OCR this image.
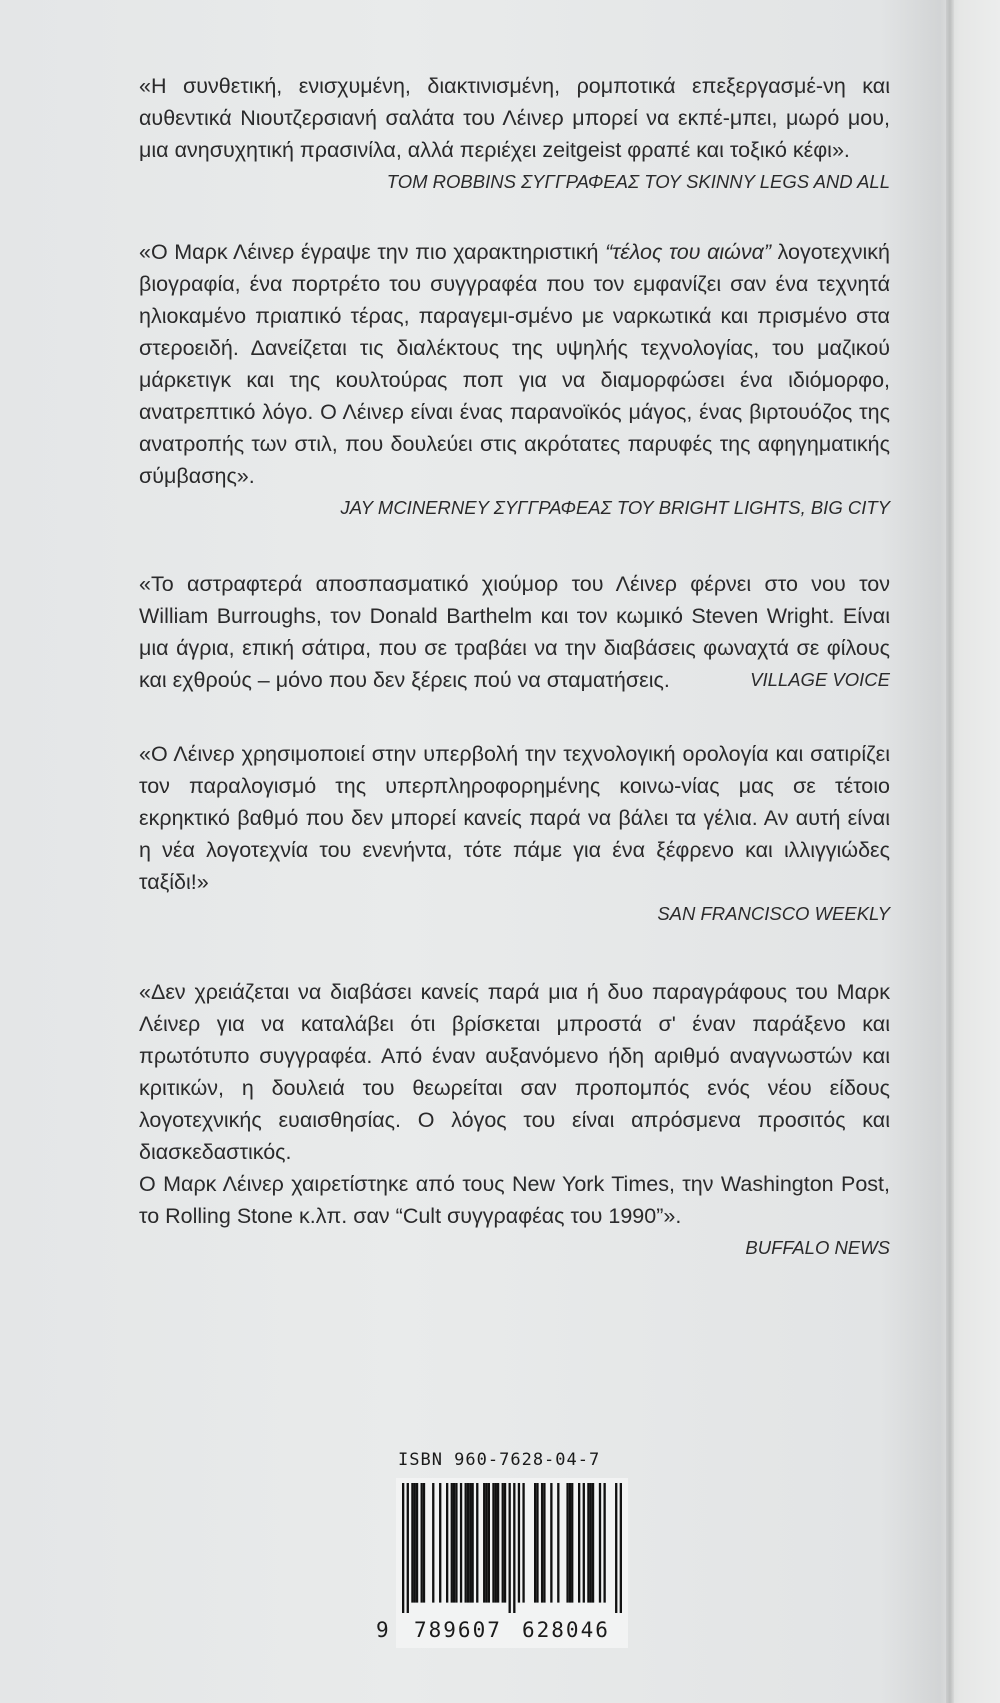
«Η συνθετική, ενισχυμένη, διακτινισμένη, ρομποτικά επεξεργασμέ-νη και αυθεντικά Νιουτζερσιανή σαλάτα του Λέινερ μπορεί να εκπέ-μπει, μωρό μου, μια ανησυχητική πρασινίλα, αλλά περιέχει zeitgeist φραπέ και τοξικό κέφι».

TOM ROBBINS ΣΥΓΓΡΑΦΕΑΣ ΤΟΥ SKINNY LEGS AND ALL

«Ο Μαρκ Λέινερ έγραψε την πιο χαρακτηριστική “τέλος του αιώνα” λογοτεχνική βιογραφία, ένα πορτρέτο του συγγραφέα που τον εμφανίζει σαν ένα τεχνητά ηλιοκαμένο πριαπικό τέρας, παραγεμι-σμένο με ναρκωτικά και πρισμένο στα στεροειδή. Δανείζεται τις διαλέκτους της υψηλής τεχνολογίας, του μαζικού μάρκετιγκ και της κουλτούρας ποπ για να διαμορφώσει ένα ιδιόμορφο, ανατρεπτικό λόγο. Ο Λέινερ είναι ένας παρανοϊκός μάγος, ένας βιρτουόζος της ανατροπής των στιλ, που δουλεύει στις ακρότατες παρυφές της αφηγηματικής σύμβασης».

JAY MCINERNEY ΣΥΓΓΡΑΦΕΑΣ ΤΟΥ BRIGHT LIGHTS, BIG CITY

«Το αστραφτερά αποσπασματικό χιούμορ του Λέινερ φέρνει στο νου τον William Burroughs, τον Donald Barthelm και τον κωμικό Steven Wright. Είναι μια άγρια, επική σάτιρα, που σε τραβάει να την διαβάσεις φωναχτά σε φίλους και εχθρούς – μόνο που δεν ξέρεις πού να σταματήσεις.	VILLAGE VOICE

«Ο Λέινερ χρησιμοποιεί στην υπερβολή την τεχνολογική ορολογία και σατιρίζει τον παραλογισμό της υπερπληροφορημένης κοινω-νίας μας σε τέτοιο εκρηκτικό βαθμό που δεν μπορεί κανείς παρά να βάλει τα γέλια. Αν αυτή είναι η νέα λογοτεχνία του ενενήντα, τότε πάμε για ένα ξέφρενο και ιλλιγγιώδες ταξίδι!»

SAN FRANCISCO WEEKLY

«Δεν χρειάζεται να διαβάσει κανείς παρά μια ή δυο παραγράφους του Μαρκ Λέινερ για να καταλάβει ότι βρίσκεται μπροστά σ' έναν παράξενο και πρωτότυπο συγγραφέα. Από έναν αυξανόμενο ήδη αριθμό αναγνωστών και κριτικών, η δουλειά του θεωρείται σαν προπομπός ενός νέου είδους λογοτεχνικής ευαισθησίας. Ο λόγος του είναι απρόσμενα προσιτός και διασκεδαστικός.

Ο Μαρκ Λέινερ χαιρετίστηκε από τους New York Times, την Washington Post, το Rolling Stone κ.λπ. σαν “Cult συγγραφέας του 1990”».

BUFFALO NEWS

ISBN 960-7628-04-7
9 789607 628046
